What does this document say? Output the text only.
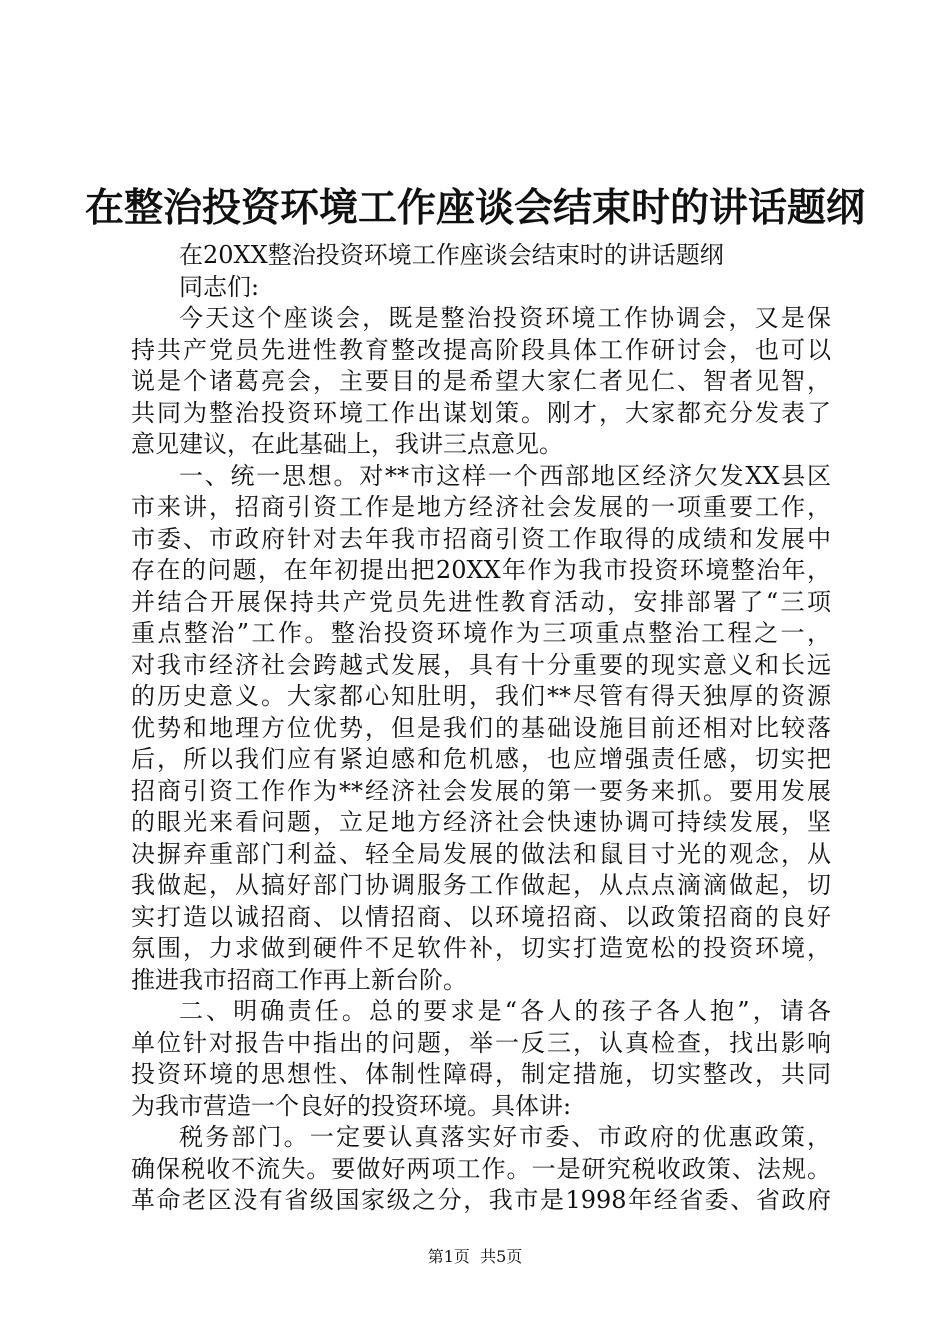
在整治投资环境工作座谈会结束时的讲话题纲
在20XX整治投资环境工作座谈会结束时的讲话题纲
同志们:
今天这个座谈会，既是整治投资环境工作协调会，又是保
持共产党员先进性教育整改提高阶段具体工作研讨会，也可以
说是个诸葛亮会，主要目的是希望大家仁者见仁、智者见智，
共同为整治投资环境工作出谋划策。刚才，大家都充分发表了
意见建议，在此基础上，我讲三点意见。
一、统一思想。对**市这样一个西部地区经济欠发XX县区
市来讲，招商引资工作是地方经济社会发展的一项重要工作，
市委、市政府针对去年我市招商引资工作取得的成绩和发展中
存在的问题，在年初提出把20XX年作为我市投资环境整治年，
并结合开展保持共产党员先进性教育活动，安排部署了“三项
重点整治”工作。整治投资环境作为三项重点整治工程之一，
对我市经济社会跨越式发展，具有十分重要的现实意义和长远
的历史意义。大家都心知肚明，我们**尽管有得天独厚的资源
优势和地理方位优势，但是我们的基础设施目前还相对比较落
后，所以我们应有紧迫感和危机感，也应增强责任感，切实把
招商引资工作作为**经济社会发展的第一要务来抓。要用发展
的眼光来看问题，立足地方经济社会快速协调可持续发展，坚
决摒弃重部门利益、轻全局发展的做法和鼠目寸光的观念，从
我做起，从搞好部门协调服务工作做起，从点点滴滴做起，切
实打造以诚招商、以情招商、以环境招商、以政策招商的良好
氛围，力求做到硬件不足软件补，切实打造宽松的投资环境，
推进我市招商工作再上新台阶。
二、明确责任。总的要求是“各人的孩子各人抱”，请各
单位针对报告中指出的问题，举一反三，认真检查，找出影响
投资环境的思想性、体制性障碍，制定措施，切实整改，共同
为我市营造一个良好的投资环境。具体讲:
税务部门。一定要认真落实好市委、市政府的优惠政策，
确保税收不流失。要做好两项工作。一是研究税收政策、法规。
革命老区没有省级国家级之分，我市是1998年经省委、省政府
第1页  共5页
